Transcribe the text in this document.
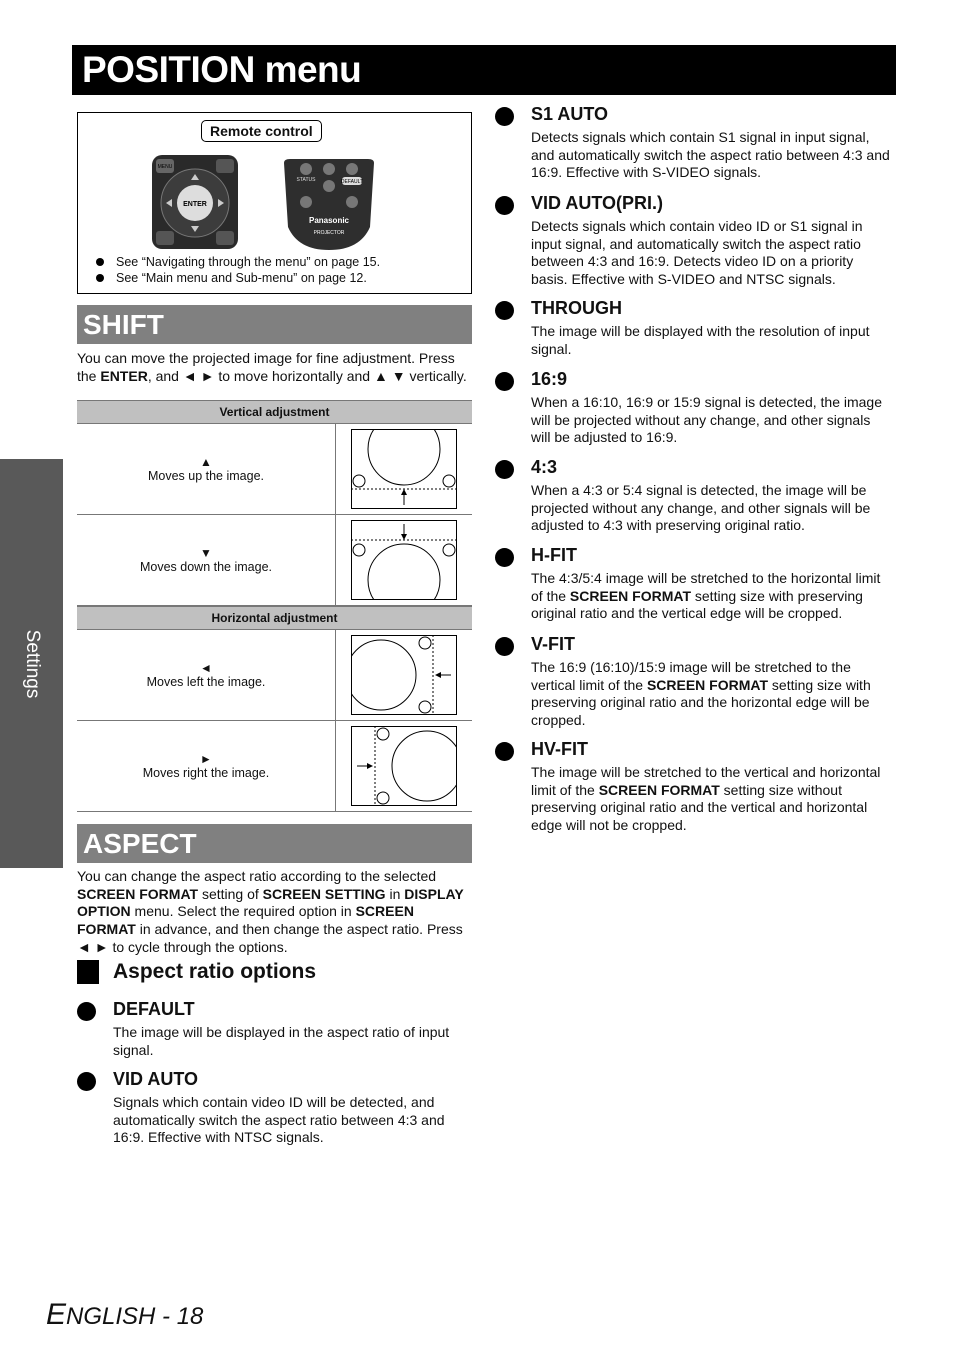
POSITION menu
Settings
Remote control
ENTER
MENU
STATUS	DEFAULT
Panasonic
PROJECTOR
See “Navigating through the menu” on page 15.
See “Main menu and Sub-menu” on page 12.
SHIFT
You can move the projected image for fine adjustment. Press
the ENTER, and ◄ ► to move horizontally and ▲ ▼ vertically.
Vertical adjustment
▲
Moves up the image.
▼
Moves down the image.
Horizontal adjustment
◄
Moves left the image.
►
Moves right the image.
ASPECT
You can change the aspect ratio according to the selected
SCREEN FORMAT setting of SCREEN SETTING in DISPLAY
OPTION menu. Select the required option in SCREEN
FORMAT in advance, and then change the aspect ratio. Press
◄ ► to cycle through the options.
Aspect ratio options
DEFAULT

The image will be displayed in the aspect ratio of input signal.

VID AUTO

Signals which contain video ID will be detected, and automatically switch the aspect ratio between 4:3 and 16:9. Effective with NTSC signals.

S1 AUTO

Detects signals which contain S1 signal in input signal, and automatically switch the aspect ratio between 4:3 and 16:9. Effective with S-VIDEO signals.

VID AUTO(PRI.)

Detects signals which contain video ID or S1 signal in input signal, and automatically switch the aspect ratio between 4:3 and 16:9. Detects video ID on a priority basis. Effective with S-VIDEO and NTSC signals.

THROUGH

The image will be displayed with the resolution of input signal.

16:9

When a 16:10, 16:9 or 15:9 signal is detected, the image will be projected without any change, and other signals will be adjusted to 16:9.

4:3

When a 4:3 or 5:4 signal is detected, the image will be projected without any change, and other signals will be adjusted to 4:3 with preserving original ratio.

H-FIT

The 4:3/5:4 image will be stretched to the horizontal limit of the SCREEN FORMAT setting size with preserving original ratio and the vertical edge will be cropped.

V-FIT

The 16:9 (16:10)/15:9 image will be stretched to the vertical limit of the SCREEN FORMAT setting size with preserving original ratio and the horizontal edge will be cropped.

HV-FIT

The image will be stretched to the vertical and horizontal limit of the SCREEN FORMAT setting size without preserving original ratio and the vertical and horizontal edge will not be cropped.

ENGLISH - 18
